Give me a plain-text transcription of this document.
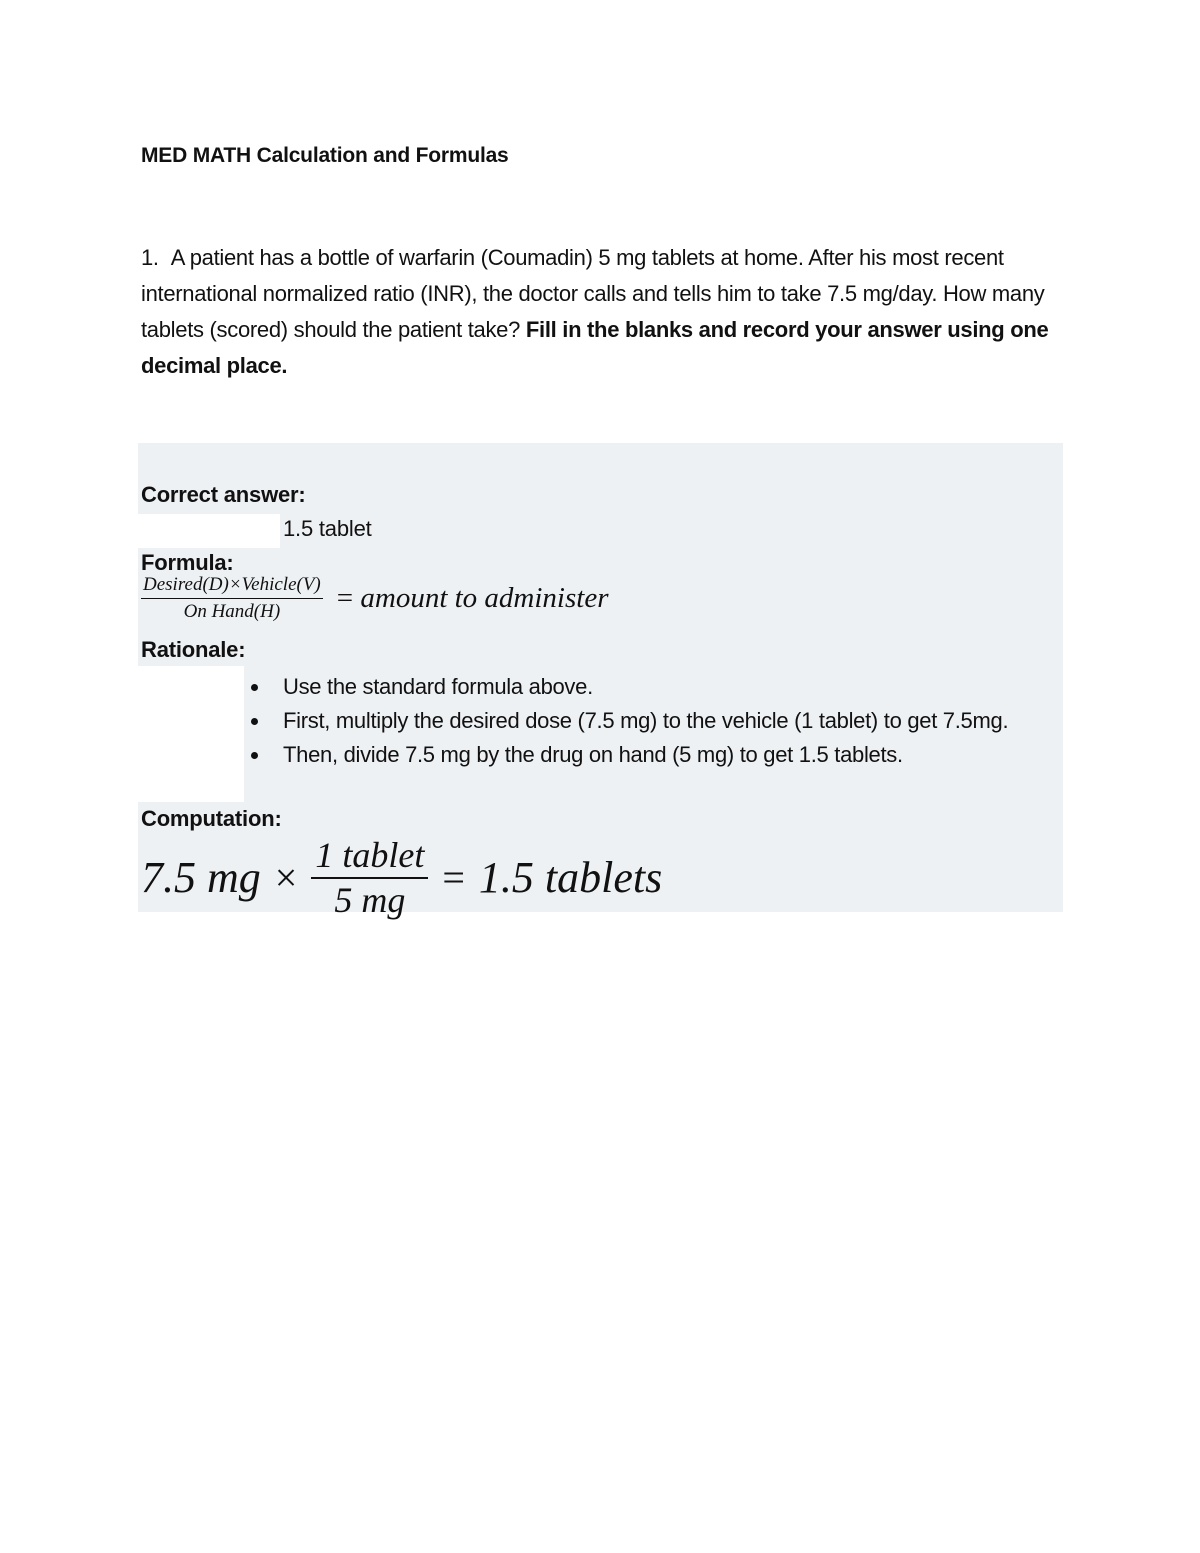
MED MATH Calculation and Formulas
1. A patient has a bottle of warfarin (Coumadin) 5 mg tablets at home. After his most recent international normalized ratio (INR), the doctor calls and tells him to take 7.5 mg/day. How many tablets (scored) should the patient take? Fill in the blanks and record your answer using one decimal place.
Correct answer:
1.5 tablet
Formula:
$\frac{\text{Desired(D)×Vehicle(V)}}{\text{On Hand(H)}}$ = amount to administer
Rationale:
Use the standard formula above.
First, multiply the desired dose (7.5 mg) to the vehicle (1 tablet) to get 7.5mg.
Then, divide 7.5 mg by the drug on hand (5 mg) to get 1.5 tablets.
Computation:
7.5 mg × $\frac{\text{1 tablet}}{5 mg} = 1.5$ tablets
